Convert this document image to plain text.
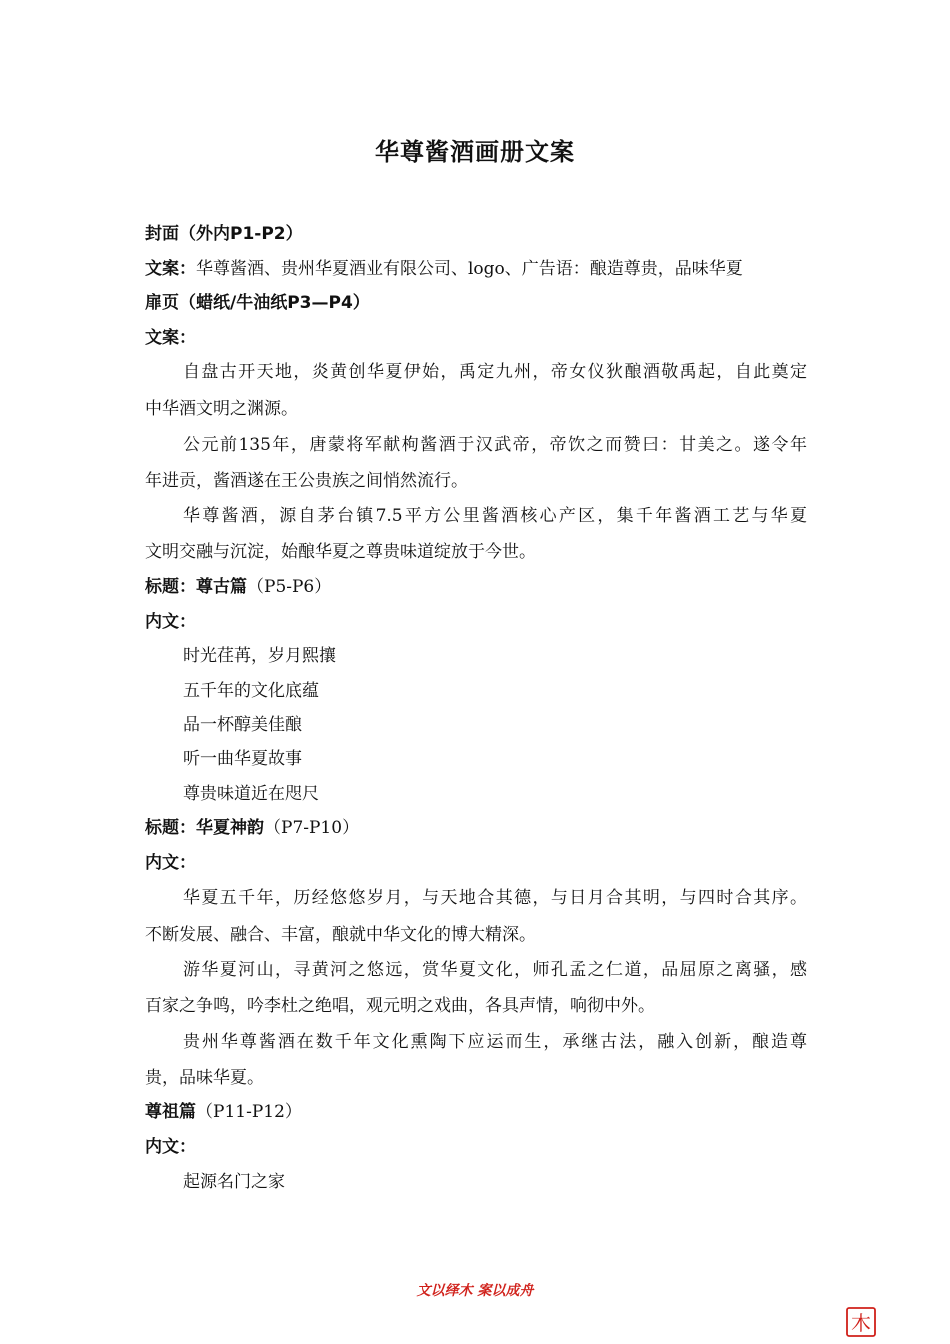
华尊酱酒画册文案
封面（外内P1-P2）
文案：华尊酱酒、贵州华夏酒业有限公司、logo、广告语：酿造尊贵，品味华夏
扉页（蜡纸/牛油纸P3—P4）
文案：
自盘古开天地，炎黄创华夏伊始，禹定九州，帝女仪狄酿酒敬禹起，自此奠定
中华酒文明之渊源。
公元前135年，唐蒙将军献枸酱酒于汉武帝，帝饮之而赞曰：甘美之。遂令年
年进贡，酱酒遂在王公贵族之间悄然流行。
华尊酱酒，源自茅台镇7.5平方公里酱酒核心产区，集千年酱酒工艺与华夏
文明交融与沉淀，始酿华夏之尊贵味道绽放于今世。
标题：尊古篇（P5-P6）
内文：
时光荏苒，岁月熙攘
五千年的文化底蕴
品一杯醇美佳酿
听一曲华夏故事
尊贵味道近在咫尺
标题：华夏神韵（P7-P10）
内文：
华夏五千年，历经悠悠岁月，与天地合其德，与日月合其明，与四时合其序。
不断发展、融合、丰富，酿就中华文化的博大精深。
游华夏河山，寻黄河之悠远，赏华夏文化，师孔孟之仁道，品屈原之离骚，感
百家之争鸣，吟李杜之绝唱，观元明之戏曲，各具声情，响彻中外。
贵州华尊酱酒在数千年文化熏陶下应运而生，承继古法，融入创新，酿造尊
贵，品味华夏。
尊祖篇（P11-P12）
内文：
起源名门之家
文以绎木 案以成舟
木
